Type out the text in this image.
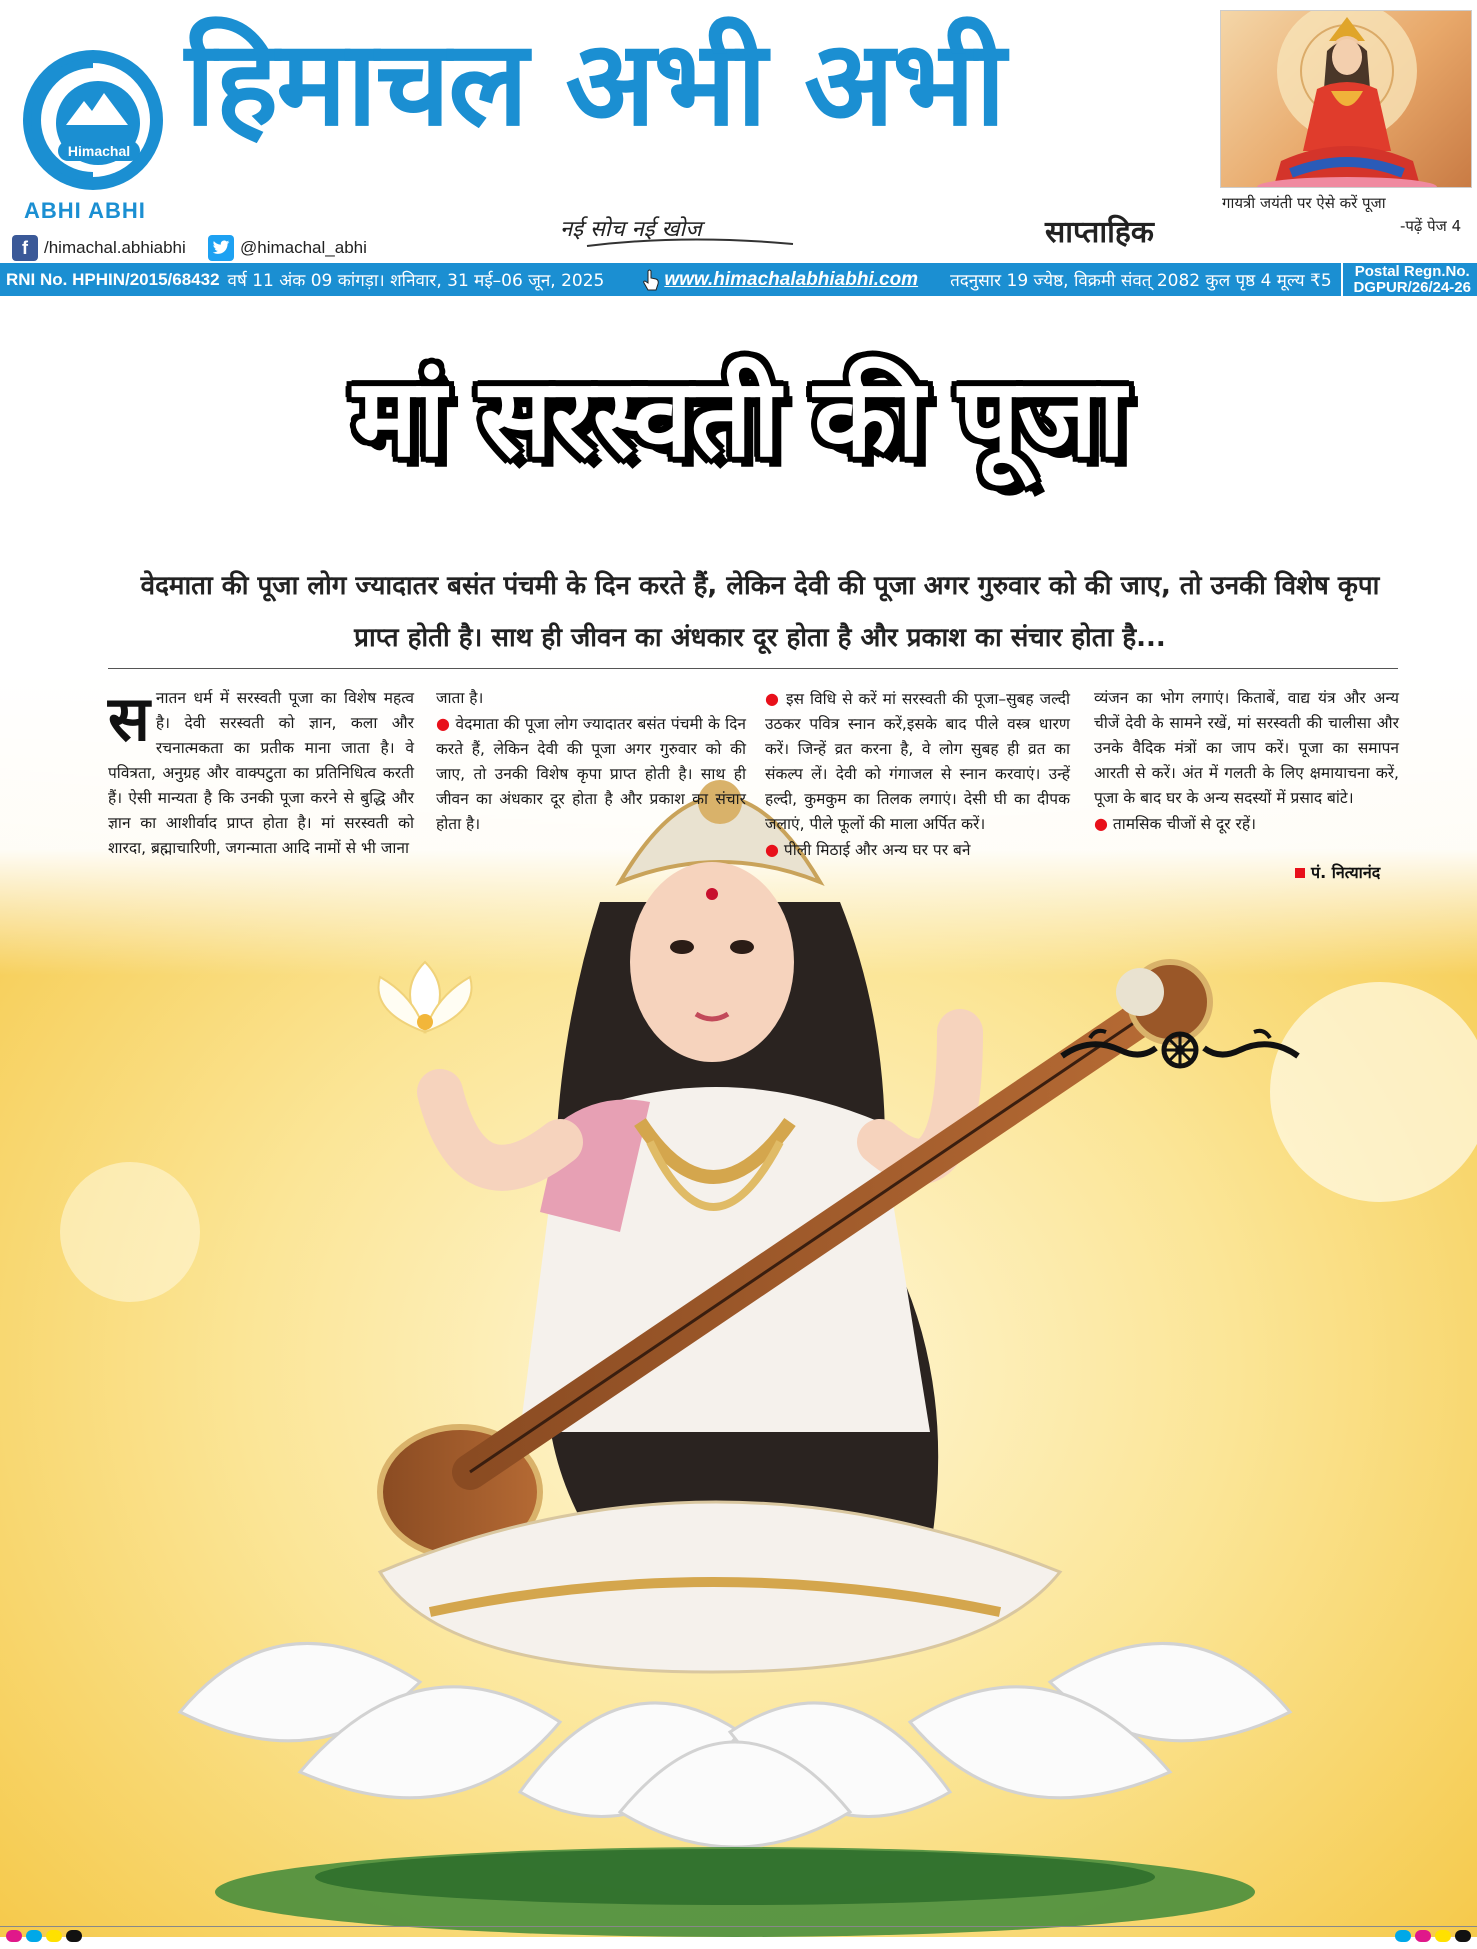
Himachal
ABHI ABHI
हिमाचल अभी अभी
नई सोच नई खोज	साप्ताहिक
f /himachal.abhiabhi	@himachal_abhi
गायत्री जयंती पर ऐसे करें पूजा
-पढ़ें पेज 4
RNI No. HPHIN/2015/68432 वर्ष 11 अंक 09 कांगड़ा। शनिवार, 31 मई–06 जून, 2025	www.himachalabhiabhi.com तदनुसार 19 ज्येष्ठ, विक्रमी संवत् 2082 कुल पृष्ठ 4 मूल्य ₹5 Postal Regn.No.
DGPUR/26/24-26
मां सरस्वती की पूजा
वेदमाता की पूजा लोग ज्यादातर बसंत पंचमी के दिन करते हैं, लेकिन देवी की पूजा अगर गुरुवार को की जाए, तो उनकी विशेष कृपा
प्राप्त होती है। साथ ही जीवन का अंधकार दूर होता है और प्रकाश का संचार होता है...
स नातन धर्म में सरस्वती पूजा का विशेष महत्व है। देवी सरस्वती को ज्ञान, कला और रचनात्मकता का प्रतीक माना जाता है। वे पवित्रता, अनुग्रह और वाक्पटुता का प्रतिनिधित्व करती हैं। ऐसी मान्यता है कि उनकी पूजा करने से बुद्धि और ज्ञान का आशीर्वाद प्राप्त होता है। मां सरस्वती को शारदा, ब्रह्माचारिणी, जगन्माता आदि नामों से भी जाना

जाता है।

● वेदमाता की पूजा लोग ज्यादातर बसंत पंचमी के दिन करते हैं, लेकिन देवी की पूजा अगर गुरुवार को की जाए, तो उनकी विशेष कृपा प्राप्त होती है। साथ ही जीवन का अंधकार दूर होता है और प्रकाश का संचार होता है।

● इस विधि से करें मां सरस्वती की पूजा–सुबह जल्दी उठकर पवित्र स्नान करें,इसके बाद पीले वस्त्र धारण करें। जिन्हें व्रत करना है, वे लोग सुबह ही व्रत का संकल्प लें। देवी को गंगाजल से स्नान करवाएं। उन्हें हल्दी, कुमकुम का तिलक लगाएं। देसी घी का दीपक जलाएं, पीले फूलों की माला अर्पित करें।

● पीली मिठाई और अन्य घर पर बने

व्यंजन का भोग लगाएं। किताबें, वाद्य यंत्र और अन्य चीजें देवी के सामने रखें, मां सरस्वती की चालीसा और उनके वैदिक मंत्रों का जाप करें। पूजा का समापन आरती से करें। अंत में गलती के लिए क्षमायाचना करें, पूजा के बाद घर के अन्य सदस्यों में प्रसाद बांटे।

● तामसिक चीजों से दूर रहें।

पं. नित्यानंद
